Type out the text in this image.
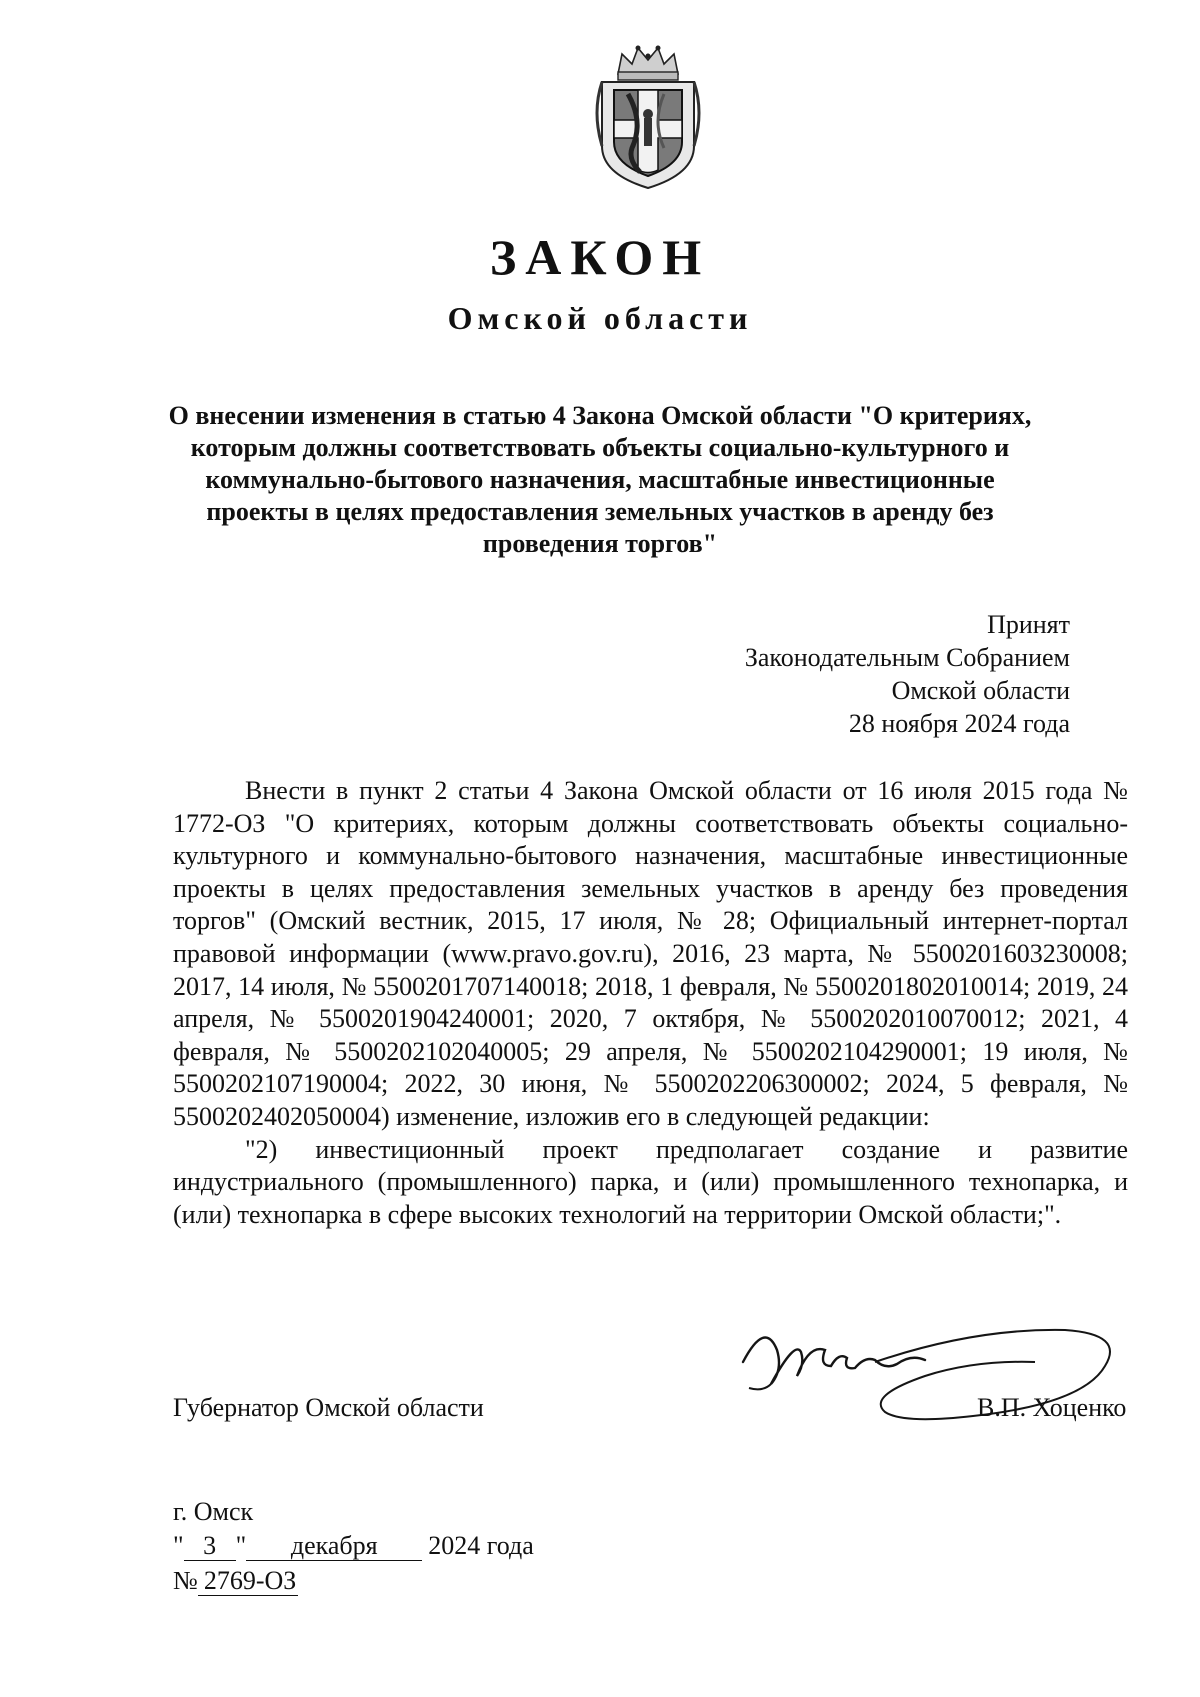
ЗАКОН
Омской области
О внесении изменения в статью 4 Закона Омской области "О критериях, которым должны соответствовать объекты социально-культурного и коммунально-бытового назначения, масштабные инвестиционные проекты в целях предоставления земельных участков в аренду без проведения торгов"
Принят
Законодательным Собранием
Омской области
28 ноября 2024 года

Внести в пункт 2 статьи 4 Закона Омской области от 16 июля 2015 года № 1772-ОЗ "О критериях, которым должны соответствовать объекты социально-культурного и коммунально-бытового назначения, масштабные инвестиционные проекты в целях предоставления земельных участков в аренду без проведения торгов" (Омский вестник, 2015, 17 июля, № 28; Официальный интернет-портал правовой информации (www.pravo.gov.ru), 2016, 23 марта, № 5500201603230008; 2017, 14 июля, № 5500201707140018; 2018, 1 февраля, № 5500201802010014; 2019, 24 апреля, № 5500201904240001; 2020, 7 октября, № 5500202010070012; 2021, 4 февраля, № 5500202102040005; 29 апреля, № 5500202104290001; 19 июля, № 5500202107190004; 2022, 30 июня, № 5500202206300002; 2024, 5 февраля, № 5500202402050004) изменение, изложив его в следующей редакции:

"2) инвестиционный проект предполагает создание и развитие индустриального (промышленного) парка, и (или) промышленного технопарка, и (или) технопарка в сфере высоких технологий на территории Омской области;".

Губернатор Омской области	В.П. Хоценко
г. Омск
" 3 " декабря 2024 года
№ 2769-ОЗ
